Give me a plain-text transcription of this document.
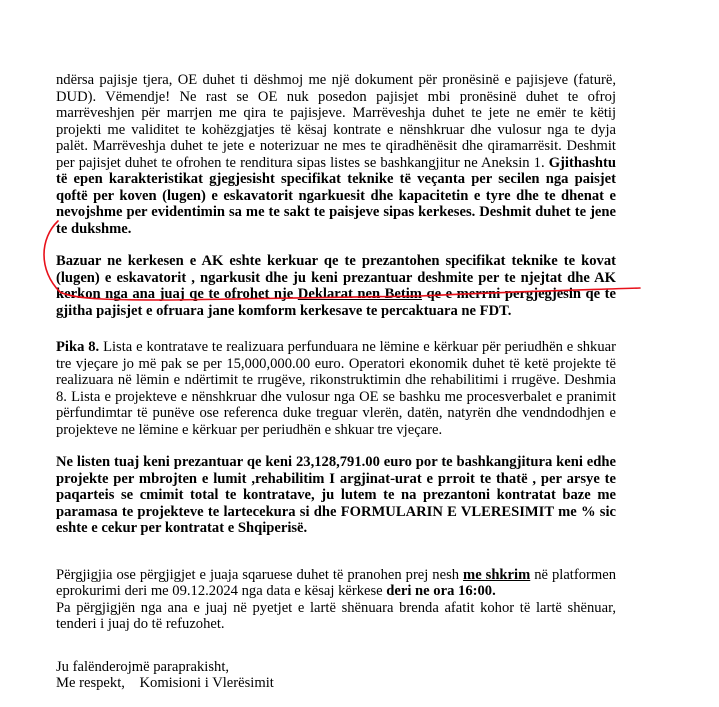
ndërsa pajisje tjera, OE duhet ti dëshmoj me një dokument për pronësinë e pajisjeve (faturë, DUD). Vëmendje! Ne rast se OE nuk posedon pajisjet mbi pronësinë duhet te ofroj marrëveshjen për marrjen me qira te pajisjeve. Marrëveshja duhet te jete ne emër te këtij projekti me validitet te kohëzgjatjes të kësaj kontrate e nënshkruar dhe vulosur nga te dyja palët. Marrëveshja duhet te jete e noterizuar ne mes te qiradhënësit dhe qiramarrësit. Deshmit per pajisjet duhet te ofrohen te renditura sipas listes se bashkangjitur ne Aneksin 1. Gjithashtu të epen karakteristikat gjegjesisht specifikat teknike të veçanta per secilen nga paisjet qoftë per koven (lugen) e eskavatorit ngarkuesit dhe kapacitetin e tyre dhe te dhenat e nevojshme per evidentimin sa me te sakt te paisjeve sipas kerkeses. Deshmit duhet te jene te dukshme.

Bazuar ne kerkesen e AK eshte kerkuar qe te prezantohen specifikat teknike te kovat (lugen) e eskavatorit , ngarkusit dhe ju keni prezantuar deshmite per te njejtat dhe AK kerkon nga ana juaj qe te ofrohet nje Deklarat nen Betim qe e merrni pergjegjesin qe te gjitha pajisjet e ofruara jane komform kerkesave te percaktuara ne FDT.

Pika 8. Lista e kontratave te realizuara perfunduara ne lëmine e kërkuar për periudhën e shkuar tre vjeçare jo më pak se per 15,000,000.00 euro. Operatori ekonomik duhet të ketë projekte të realizuara në lëmin e ndërtimit te rrugëve, rikonstruktimin dhe rehabilitimi i rrugëve. Deshmia 8. Lista e projekteve e nënshkruar dhe vulosur nga OE se bashku me procesverbalet e pranimit përfundimtar të punëve ose referenca duke treguar vlerën, datën, natyrën dhe vendndodhjen e projekteve ne lëmine e kërkuar per periudhën e shkuar tre vjeçare.

Ne listen tuaj keni prezantuar qe keni 23,128,791.00 euro por te bashkangjitura keni edhe projekte per mbrojten e lumit ,rehabilitim I argjinat-urat e prroit te thatë , per arsye te paqarteis se cmimit total te kontratave, ju lutem te na prezantoni kontratat baze me paramasa te projekteve te lartecekura si dhe FORMULARIN E VLERESIMIT me % sic eshte e cekur per kontratat e Shqiperisë.

Përgjigjia ose përgjigjet e juaja sqaruese duhet të pranohen prej nesh me shkrim në platformen eprokurimi deri me 09.12.2024 nga data e kësaj kërkese deri ne ora 16:00.

Pa përgjigjën nga ana e juaj në pyetjet e lartë shënuara brenda afatit kohor të lartë shënuar, tenderi i juaj do të refuzohet.

Ju falënderojmë paraprakisht,

Me respekt,    Komisioni i Vlerësimit
